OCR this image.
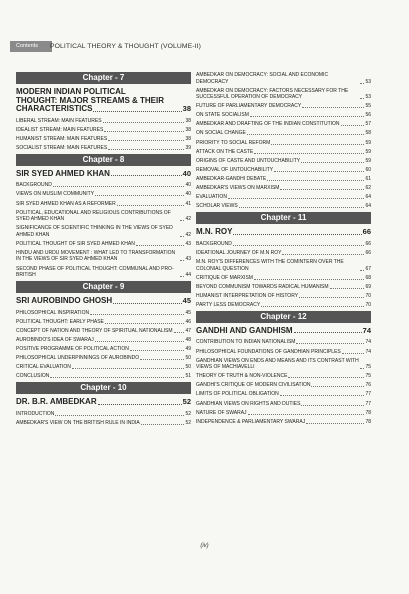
Contents	POLITICAL THEORY & THOUGHT (VOLUME-II)
Chapter - 7
MODERN INDIAN POLITICAL
THOUGHT: MAJOR STREAMS & THEIR
CHARACTERISTICS	38
LIBERAL STREAM: MAIN FEATURES	38
IDEALIST STREAM: MAIN FEATURES	38
HUMANIST STREAM: MAIN FEATURES	38
SOCIALIST STREAM: MAIN FEATURES	39
Chapter - 8
SIR SYED AHMED KHAN	40
BACKGROUND	40
VIEWS ON MUSLIM COMMUNITY	40
SIR SYED AHMED KHAN AS A REFORMER	41
POLITICAL, EDUCATIONAL AND RELIGIOUS CONTRIBUTIONS OF SYED AHMED KHAN	42
SIGNIFICANCE OF SCIENTIFIC THINKING IN THE VIEWS OF SYED AHMED KHAN	42
POLITICAL THOUGHT OF SIR SYED AHMED KHAN	43
HINDU AND URDU MOVEMENT : WHAT LED TO TRANSFORMATION IN THE VIEWS OF SIR SYED AHMED KHAN	43
SECOND PHASE OF POLITICAL THOUGHT: COMMUNAL AND PRO-BRITISH	44
Chapter - 9
SRI AUROBINDO GHOSH	45
PHILOSOPHICAL INSPIRATION	45
POLITICAL THOUGHT: EARLY PHASE	46
CONCEPT OF NATION AND THEORY OF SPIRITUAL NATIONALISM	47
AUROBINDO'S IDEA OF SWARAJ	48
POSITIVE PROGRAMME OF POLITICAL ACTION	49
PHILOSOPHICAL UNDERPINNINGS OF AUROBINDO	50
CRITICAL EVALUATION	50
CONCLUSION	51
Chapter - 10
DR. B.R. AMBEDKAR	52
INTRODUCTION	52
AMBEDKAR'S VIEW ON THE BRITISH RULE IN INDIA	52
AMBEDKAR ON DEMOCRACY: SOCIAL AND ECONOMIC DEMOCRACY	53
AMBEDKAR ON DEMOCRACY: FACTORS NECESSARY FOR THE SUCCESSFUL OPERATION OF DEMOCRACY	53
FUTURE OF PARLIAMENTARY DEMOCRACY	55
ON STATE SOCIALISM	56
AMBEDKAR AND DRAFTING OF THE INDIAN CONSTITUTION	57
ON SOCIAL CHANGE	58
PRIORITY TO SOCIAL REFORM	59
ATTACK ON THE CASTE	59
ORIGINS OF CASTE AND UNTOUCHABILITY	59
REMOVAL OF UNTOUCHABILITY	60
AMBEDKAR-GANDHI DEBATE	61
AMBEDKAR'S VIEWS ON MARXISM	62
EVALUATION	64
SCHOLAR VIEWS	64
Chapter - 11
M.N. ROY	66
BACKGROUND	66
IDEATIONAL JOURNEY OF M.N ROY	66
M.N. ROY'S DIFFERENCES WITH THE COMINTERN OVER THE COLONIAL QUESTION	67
CRITIQUE OF MARXISM	68
BEYOND COMMUNISM TOWARDS RADICAL HUMANISM	69
HUMANIST INTERPRETATION OF HISTORY	70
PARTY LESS DEMOCRACY	70
Chapter - 12
GANDHI AND GANDHISM	74
CONTRIBUTION TO INDIAN NATIONALISM	74
PHILOSOPHICAL FOUNDATIONS OF GANDHIAN PRINCIPLES	74
GANDHIAN VIEWS ON ENDS AND MEANS AND ITS CONTRAST WITH VIEWS OF MACHIAVELLI	75
THEORY OF TRUTH & NON-VIOLENCE	75
GANDHI'S CRITIQUE OF MODERN CIVILISATION	76
LIMITS OF POLITICAL OBLIGATION	77
GANDHIAN VIEWS ON RIGHTS AND DUTIES	77
NATURE OF SWARAJ	78
INDEPENDENCE & PARLIAMENTARY SWARAJ	78
(iv)
